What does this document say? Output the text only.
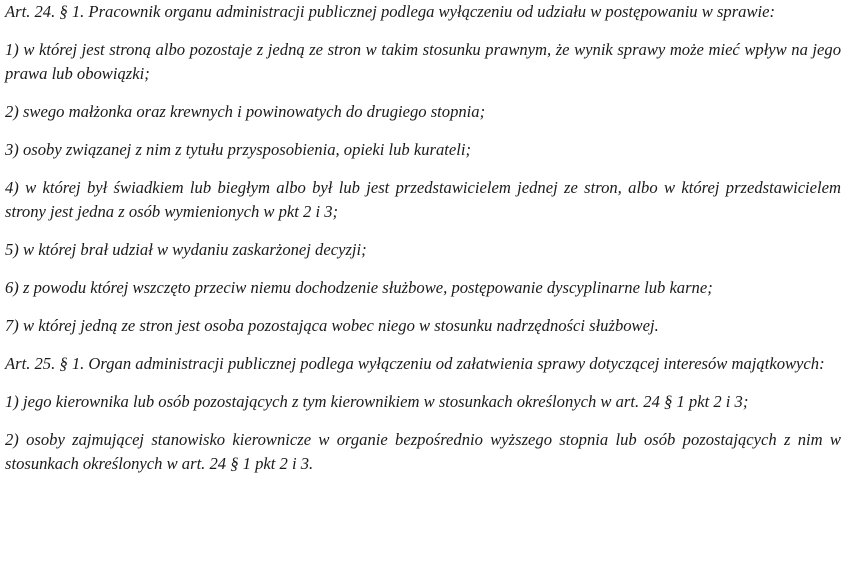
Art. 24. § 1. Pracownik organu administracji publicznej podlega wyłączeniu od udziału w postępowaniu w sprawie:

1) w której jest stroną albo pozostaje z jedną ze stron w takim stosunku prawnym, że wynik sprawy może mieć wpływ na jego prawa lub obowiązki;

2) swego małżonka oraz krewnych i powinowatych do drugiego stopnia;

3) osoby związanej z nim z tytułu przysposobienia, opieki lub kurateli;

4) w której był świadkiem lub biegłym albo był lub jest przedstawicielem jednej ze stron, albo w której przedstawicielem strony jest jedna z osób wymienionych w pkt 2 i 3;

5) w której brał udział w wydaniu zaskarżonej decyzji;

6) z powodu której wszczęto przeciw niemu dochodzenie służbowe, postępowanie dyscyplinarne lub karne;

7) w której jedną ze stron jest osoba pozostająca wobec niego w stosunku nadrzędności służbowej.

Art. 25. § 1. Organ administracji publicznej podlega wyłączeniu od załatwienia sprawy dotyczącej interesów majątkowych:

1) jego kierownika lub osób pozostających z tym kierownikiem w stosunkach określonych w art. 24 § 1 pkt 2 i 3;

2) osoby zajmującej stanowisko kierownicze w organie bezpośrednio wyższego stopnia lub osób pozostających z nim w stosunkach określonych w art. 24 § 1 pkt 2 i 3.
